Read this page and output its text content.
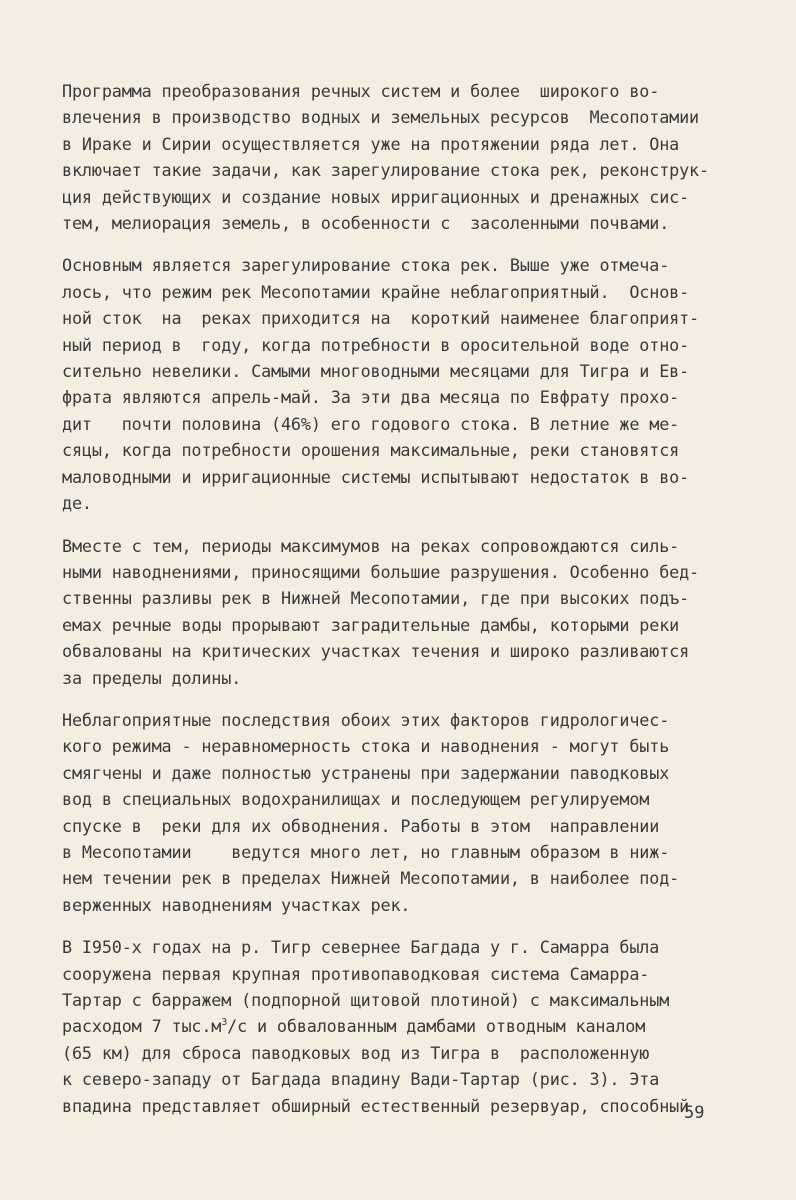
Программа преобразования речных систем и более  широкого во-
влечения в производство водных и земельных ресурсов  Месопотамии
в Ираке и Сирии осуществляется уже на протяжении ряда лет. Она
включает такие задачи, как зарегулирование стока рек, реконструк-
ция действующих и создание новых ирригационных и дренажных сис-
тем, мелиорация земель, в особенности с  засоленными почвами.
Основным является зарегулирование стока рек. Выше уже отмеча-
лось, что режим рек Месопотамии крайне неблагоприятный.  Основ-
ной сток  на  реках приходится на  короткий наименее благоприят-
ный период в  году, когда потребности в оросительной воде отно-
сительно невелики. Самыми многоводными месяцами для Тигра и Ев-
фрата являются апрель-май. За эти два месяца по Евфрату прохо-
дит   почти половина (46%) его годового стока. В летние же ме-
сяцы, когда потребности орошения максимальные, реки становятся
маловодными и ирригационные системы испытывают недостаток в во-
де.
Вместе с тем, периоды максимумов на реках сопровождаются силь-
ными наводнениями, приносящими большие разрушения. Особенно бед-
ственны разливы рек в Нижней Месопотамии, где при высоких подъ-
емах речные воды прорывают заградительные дамбы, которыми реки
обвалованы на критических участках течения и широко разливаются
за пределы долины.
Неблагоприятные последствия обоих этих факторов гидрологичес-
кого режима - неравномерность стока и наводнения - могут быть
смягчены и даже полностью устранены при задержании паводковых
вод в специальных водохранилищах и последующем регулируемом
спуске в  реки для их обводнения. Работы в этом  направлении
в Месопотамии    ведутся много лет, но главным образом в ниж-
нем течении рек в пределах Нижней Месопотамии, в наиболее под-
верженных наводнениям участках рек.
В I950-х годах на р. Тигр севернее Багдада у г. Самарра была
сооружена первая крупная противопаводковая система Самарра-
Тартар с барражем (подпорной щитовой плотиной) с максимальным
расходом 7 $тыс.м^3/с$ и обвалованным дамбами отводным каналом
(65 км) для сброса паводковых вод из Тигра в  расположенную
к северо-западу от Багдада впадину Вади-Тартар (рис. 3). Эта
впадина представляет обширный естественный резервуар, способный
59
